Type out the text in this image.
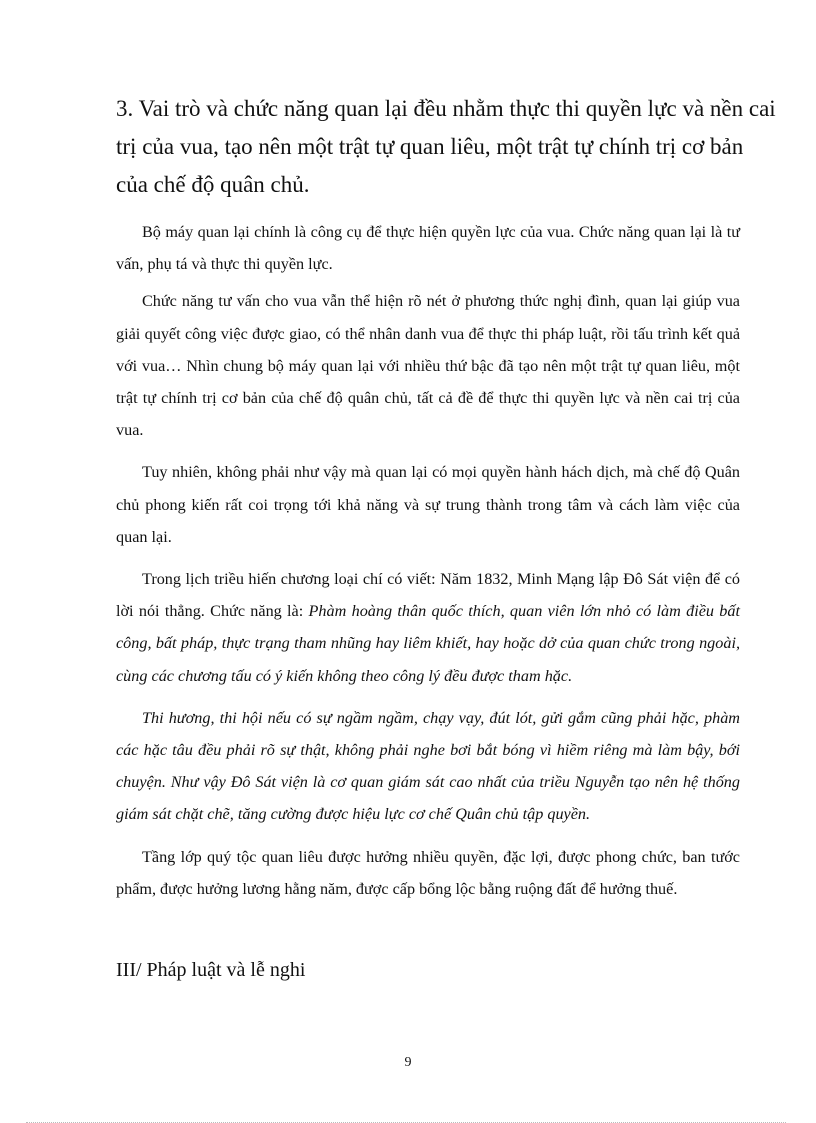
3. Vai trò và chức năng quan lại đều nhằm thực thi quyền lực và nền cai trị của vua, tạo nên một trật tự quan liêu, một trật tự chính trị cơ bản của chế độ quân chủ.

Bộ máy quan lại chính là công cụ để thực hiện quyền lực của vua. Chức năng quan lại là tư vấn, phụ tá và thực thi quyền lực.

Chức năng tư vấn cho vua vẫn thể hiện rõ nét ở phương thức nghị đình, quan lại giúp vua giải quyết công việc được giao, có thể nhân danh vua để thực thi pháp luật, rồi tấu trình kết quả với vua… Nhìn chung bộ máy quan lại với nhiều thứ bậc đã tạo nên một trật tự quan liêu, một trật tự chính trị cơ bản của chế độ quân chủ, tất cả đề để thực thi quyền lực và nền cai trị của vua.

Tuy nhiên, không phải như vậy mà quan lại có mọi quyền hành hách dịch, mà chế độ Quân chủ phong kiến rất coi trọng tới khả năng và sự trung thành trong tâm và cách làm việc của quan lại.

Trong lịch triều hiến chương loại chí có viết: Năm 1832, Minh Mạng lập Đô Sát viện để có lời nói thẳng. Chức năng là: Phàm hoàng thân quốc thích, quan viên lớn nhỏ có làm điều bất công, bất pháp, thực trạng tham nhũng hay liêm khiết, hay hoặc dở của quan chức trong ngoài, cùng các chương tấu có ý kiến không theo công lý đều được tham hặc.

Thi hương, thi hội nếu có sự ngầm ngầm, chạy vạy, đút lót, gửi gắm cũng phải hặc, phàm các hặc tâu đều phải rõ sự thật, không phải nghe bơi bắt bóng vì hiềm riêng mà làm bậy, bới chuyện. Như vậy Đô Sát viện là cơ quan giám sát cao nhất của triều Nguyễn tạo nên hệ thống giám sát chặt chẽ, tăng cường được hiệu lực cơ chế Quân chủ tập quyền.

Tầng lớp quý tộc quan liêu được hưởng nhiều quyền, đặc lợi, được phong chức, ban tước phẩm, được hưởng lương hằng năm, được cấp bổng lộc bằng ruộng đất để hưởng thuế.

III/ Pháp luật và lễ nghi
9
